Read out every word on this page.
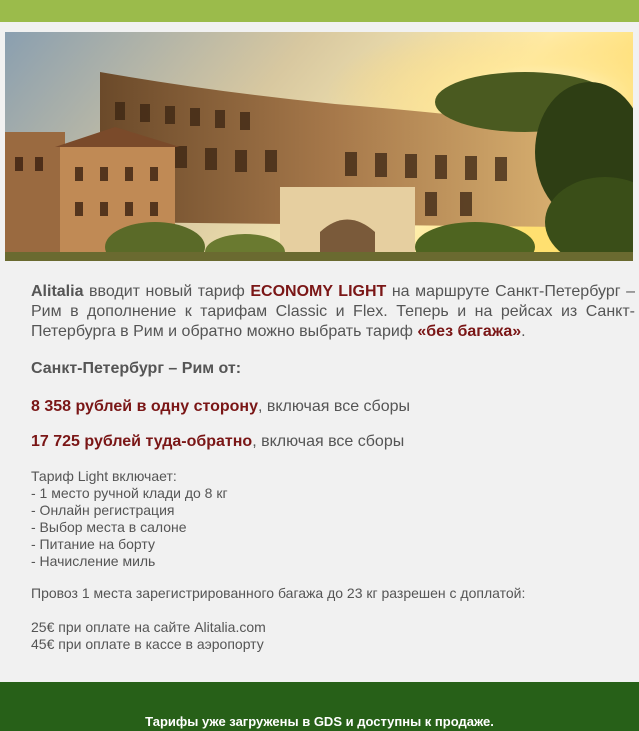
Alitalia вводит новый тариф ECONOMY LIGHT на маршруте Санкт-Петербург – Рим в дополнение к тарифам Classic и Flex. Теперь и на рейсах из Санкт-Петербурга в Рим и обратно можно выбрать тариф «без багажа».

Санкт-Петербург – Рим от:

8 358 рублей в одну сторону, включая все сборы

17 725 рублей туда-обратно, включая все сборы

Тариф Light включает:
- 1 место ручной клади до 8 кг
- Онлайн регистрация
- Выбор места в салоне
- Питание на борту
- Начисление миль

Провоз 1 места зарегистрированного багажа до 23 кг разрешен с доплатой:

25€ при оплате на сайте Alitalia.com
45€ при оплате в кассе в аэропорту
Тарифы уже загружены в GDS и доступны к продаже.
